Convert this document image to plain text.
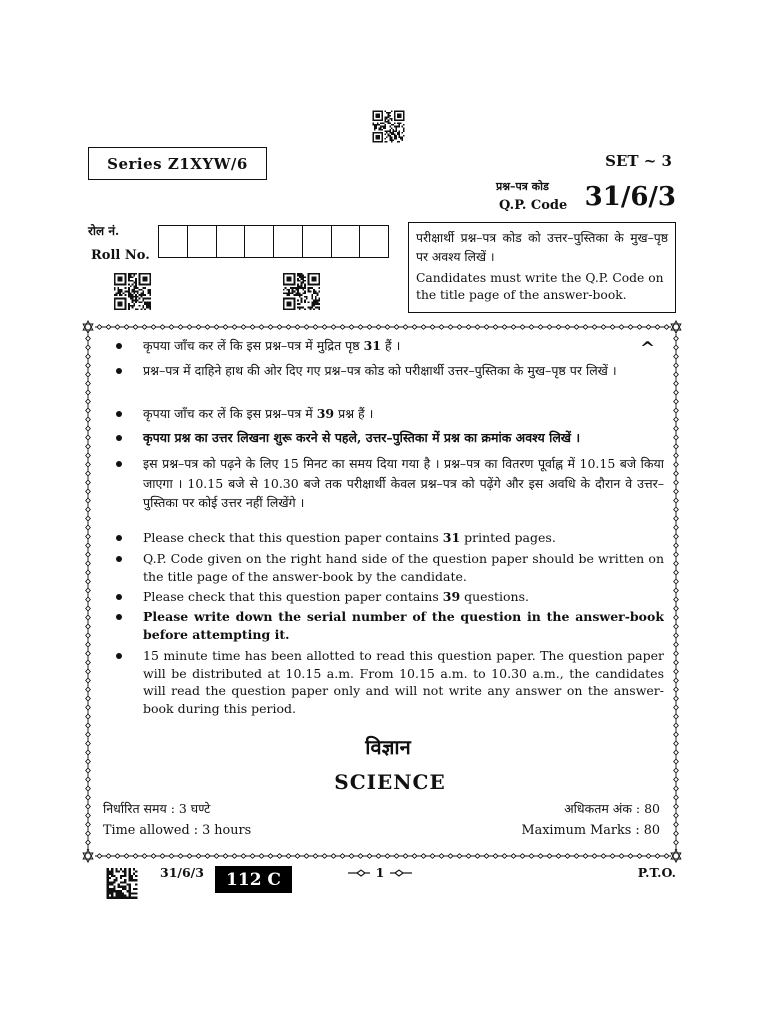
Series Z1XYW/6	SET ~ 3
प्रश्न–पत्र कोड
Q.P. Code 31/6/3
रोल नं.
Roll No.

परीक्षार्थी प्रश्न–पत्र कोड को उत्तर–पुस्तिका के मुख–पृष्ठ पर अवश्य लिखें ।

Candidates must write the Q.P. Code on the title page of the answer-book.

^
कृपया जाँच कर लें कि इस प्रश्न–पत्र में मुद्रित पृष्ठ 31 हैं ।
प्रश्न–पत्र में दाहिने हाथ की ओर दिए गए प्रश्न–पत्र कोड को परीक्षार्थी उत्तर–पुस्तिका के मुख–पृष्ठ पर लिखें ।
कृपया जाँच कर लें कि इस प्रश्न–पत्र में 39 प्रश्न हैं ।
कृपया प्रश्न का उत्तर लिखना शुरू करने से पहले, उत्तर–पुस्तिका में प्रश्न का क्रमांक अवश्य लिखें ।
इस प्रश्न–पत्र को पढ़ने के लिए 15 मिनट का समय दिया गया है । प्रश्न–पत्र का वितरण पूर्वाह्न में 10.15 बजे किया जाएगा । 10.15 बजे से 10.30 बजे तक परीक्षार्थी केवल प्रश्न–पत्र को पढ़ेंगे और इस अवधि के दौरान वे उत्तर–पुस्तिका पर कोई उत्तर नहीं लिखेंगे ।
Please check that this question paper contains 31 printed pages.
Q.P. Code given on the right hand side of the question paper should be written on the title page of the answer-book by the candidate.
Please check that this question paper contains 39 questions.
Please write down the serial number of the question in the answer-book before attempting it.
15 minute time has been allotted to read this question paper. The question paper will be distributed at 10.15 a.m. From 10.15 a.m. to 10.30 a.m., the candidates will read the question paper only and will not write any answer on the answer-book during this period.
विज्ञान
SCIENCE
निर्धारित समय : 3 घण्टे	अधिकतम अंक : 80
Time allowed : 3 hours	Maximum Marks : 80
31/6/3	112 C	1	P.T.O.
